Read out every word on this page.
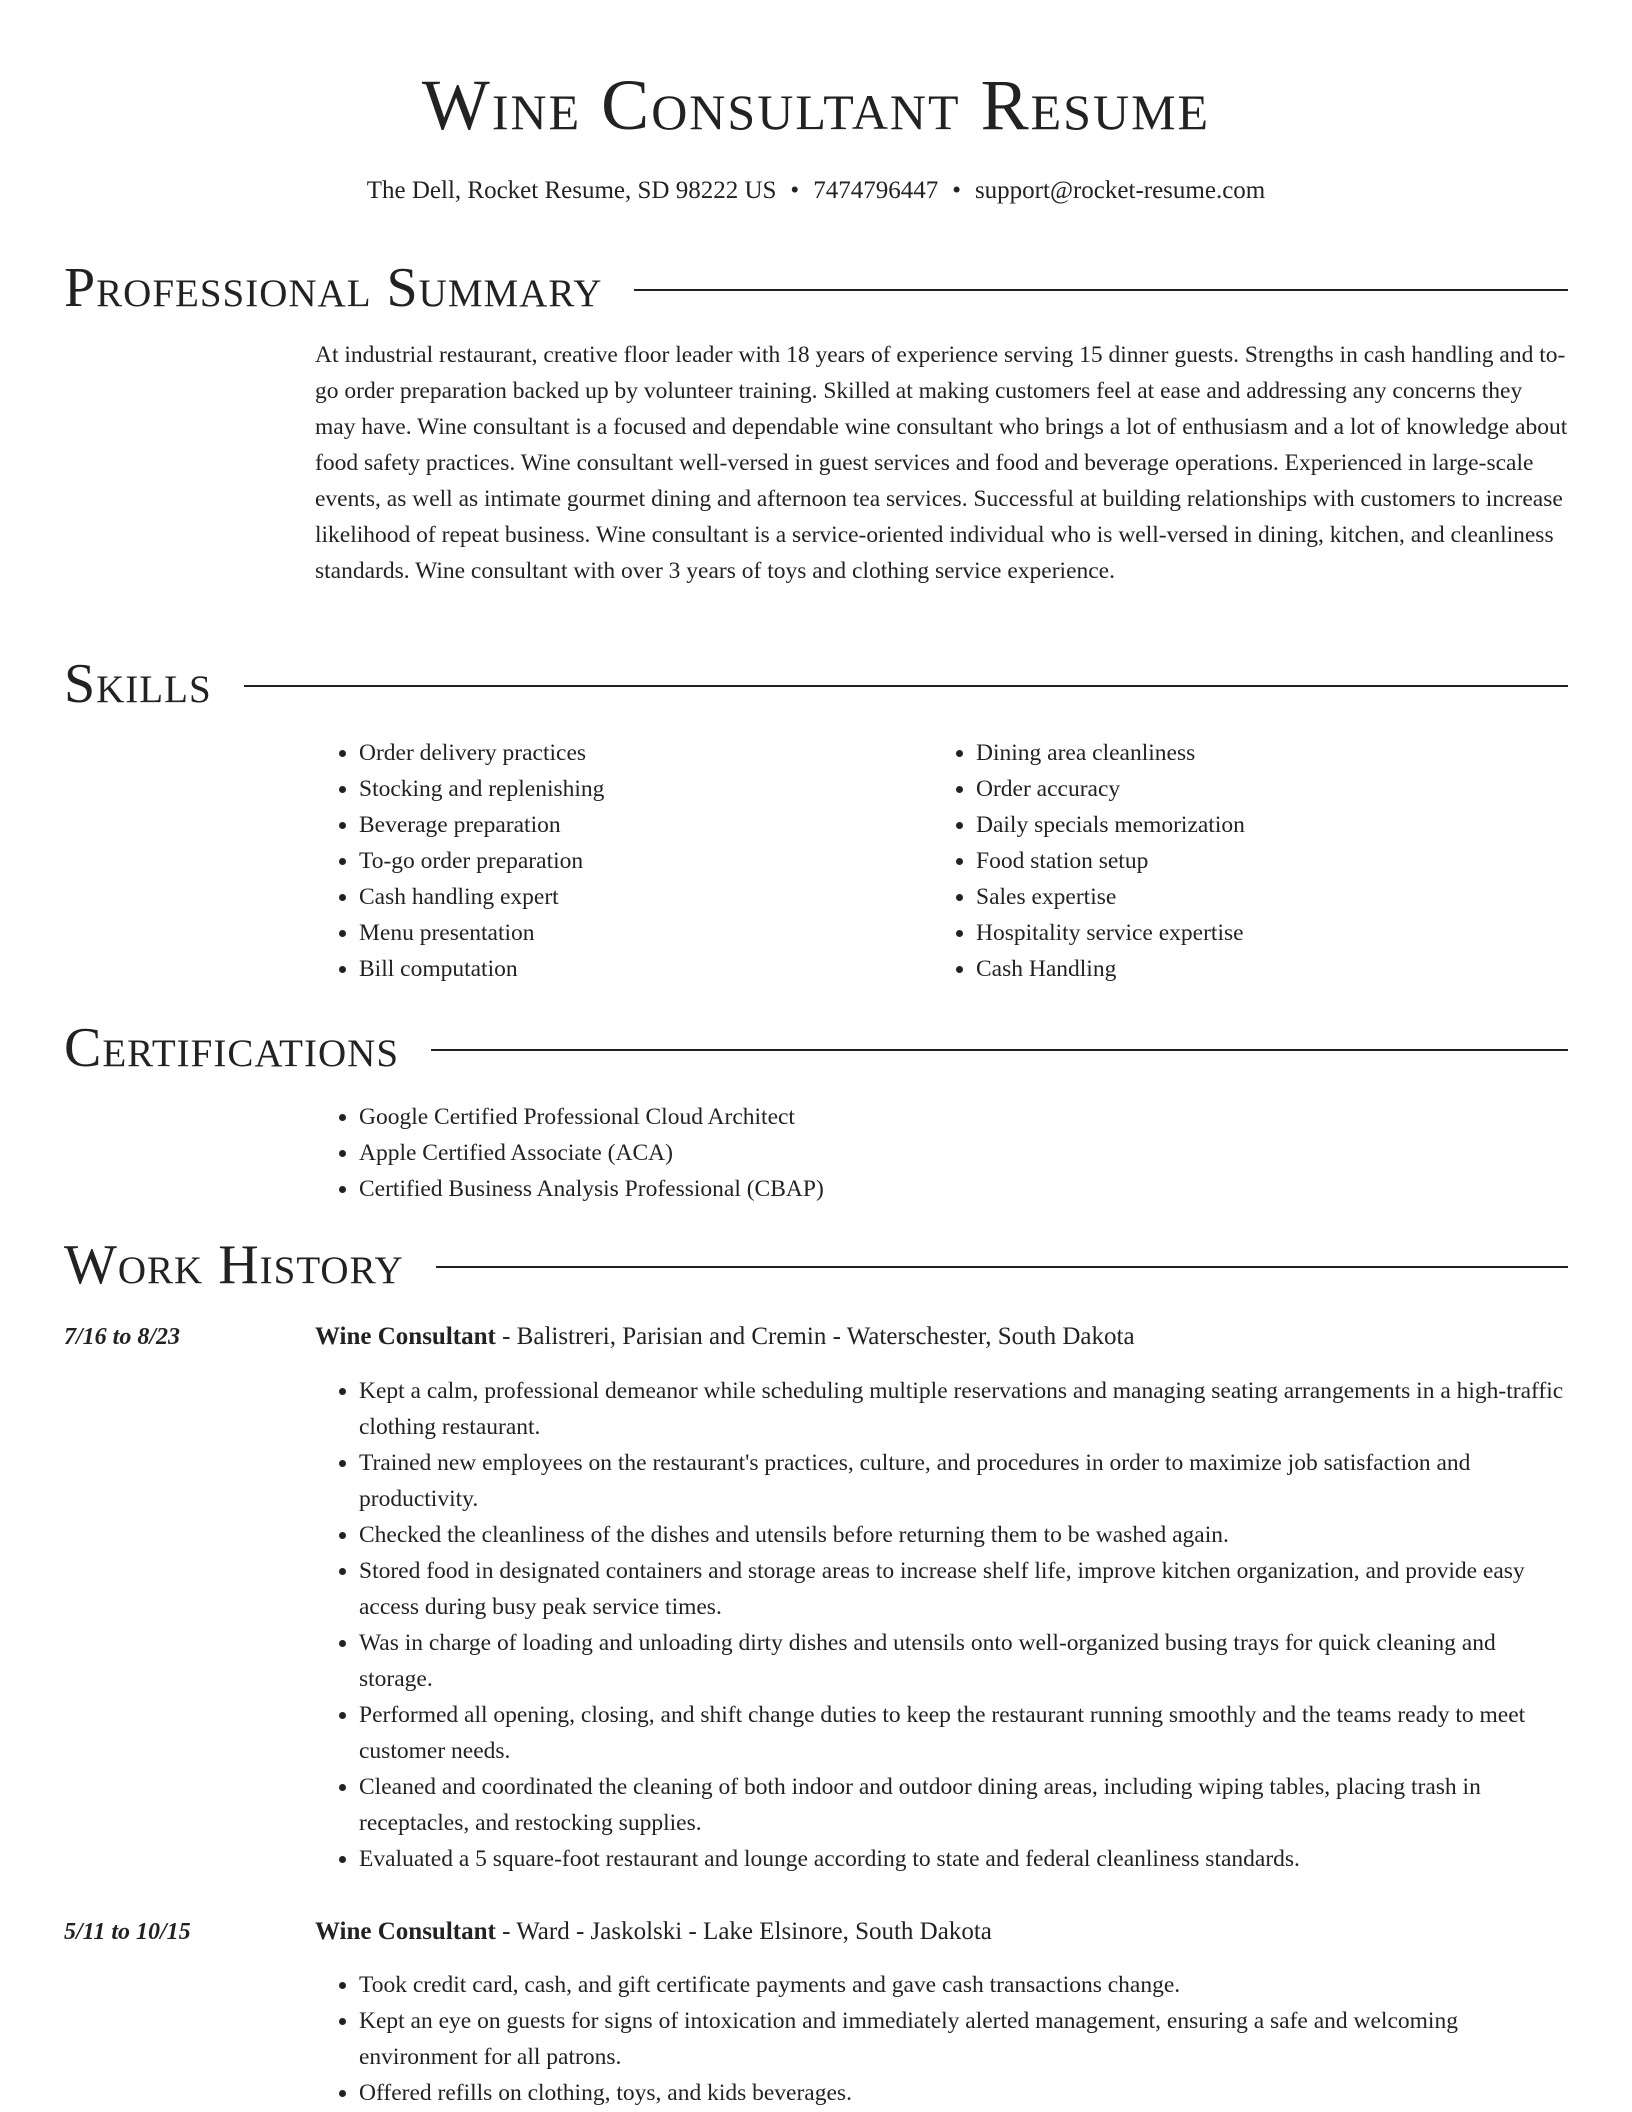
Wine Consultant Resume
The Dell, Rocket Resume, SD 98222 US • 7474796447 • support@rocket-resume.com
Professional Summary
At industrial restaurant, creative floor leader with 18 years of experience serving 15 dinner guests. Strengths in cash handling and to-go order preparation backed up by volunteer training. Skilled at making customers feel at ease and addressing any concerns they may have. Wine consultant is a focused and dependable wine consultant who brings a lot of enthusiasm and a lot of knowledge about food safety practices. Wine consultant well-versed in guest services and food and beverage operations. Experienced in large-scale events, as well as intimate gourmet dining and afternoon tea services. Successful at building relationships with customers to increase likelihood of repeat business. Wine consultant is a service-oriented individual who is well-versed in dining, kitchen, and cleanliness standards. Wine consultant with over 3 years of toys and clothing service experience.
Skills
• Order delivery practices
• Stocking and replenishing
• Beverage preparation
• To-go order preparation
• Cash handling expert
• Menu presentation
• Bill computation
• Dining area cleanliness
• Order accuracy
• Daily specials memorization
• Food station setup
• Sales expertise
• Hospitality service expertise
• Cash Handling
Certifications
• Google Certified Professional Cloud Architect
• Apple Certified Associate (ACA)
• Certified Business Analysis Professional (CBAP)
Work History
7/16 to 8/23	Wine Consultant - Balistreri, Parisian and Cremin - Waterschester, South Dakota
• Kept a calm, professional demeanor while scheduling multiple reservations and managing seating arrangements in a high-traffic clothing restaurant.
• Trained new employees on the restaurant's practices, culture, and procedures in order to maximize job satisfaction and productivity.
• Checked the cleanliness of the dishes and utensils before returning them to be washed again.
• Stored food in designated containers and storage areas to increase shelf life, improve kitchen organization, and provide easy access during busy peak service times.
• Was in charge of loading and unloading dirty dishes and utensils onto well-organized busing trays for quick cleaning and storage.
• Performed all opening, closing, and shift change duties to keep the restaurant running smoothly and the teams ready to meet customer needs.
• Cleaned and coordinated the cleaning of both indoor and outdoor dining areas, including wiping tables, placing trash in receptacles, and restocking supplies.
• Evaluated a 5 square-foot restaurant and lounge according to state and federal cleanliness standards.
5/11 to 10/15	Wine Consultant - Ward - Jaskolski - Lake Elsinore, South Dakota
• Took credit card, cash, and gift certificate payments and gave cash transactions change.
• Kept an eye on guests for signs of intoxication and immediately alerted management, ensuring a safe and welcoming environment for all patrons.
• Offered refills on clothing, toys, and kids beverages.
